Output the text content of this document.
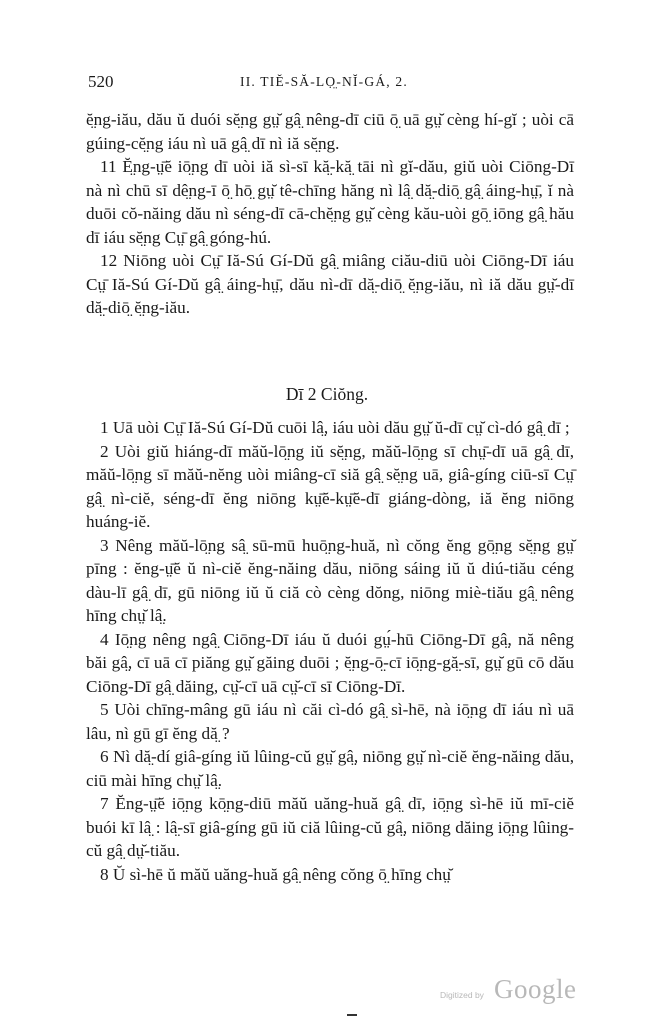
520	II. TIĔ-SĂ-LỌ̤-NĬ-GÁ, 2.

ĕ̤ng-iău, dău ŭ duói sĕ̤ng gṳ̆ gâ̤ nêng-dī ciū ō̤ uā gṳ̆ cèng hí-gĭ ; uòi cā gúing-cĕ̤ng iáu nì uā gâ̤ dī nì iă sĕ̤ng.

11 Ĕ̤ng-ṳ̄ĕ iō̤ng dī uòi iă sì-sī kă̤-kă̤ tāi nì gĭ-dău, giŭ uòi Ciōng-Dī nà nì chū sī dê̤ng-ī ō̤ hō̤ gṳ̆ tê-chīng hăng nì lâ̤ dă̤-diō̤ gâ̤ áing-hṳ̄, ĭ nà duōi cŏ-năing dău nì séng-dī cā-chĕ̤ng gṳ̆ cèng kău-uòi gō̤ iōng gâ̤ hău dī iáu sĕ̤ng Cṳ̄ gâ̤ góng-hú.

12 Niōng uòi Cṳ̄ Iă-Sú Gí-Dŭ gâ̤ miâng ciău-diū uòi Ciōng-Dī iáu Cṳ̄ Iă-Sú Gí-Dŭ gâ̤ áing-hṳ̄, dău nì-dī dă̤-diō̤ ĕ̤ng-iău, nì iă dău gṳ̆-dī dă̤-diō̤ ĕ̤ng-iău.

Dī 2 Ciŏng.

1 Uā uòi Cṳ̄ Iă-Sú Gí-Dŭ cuōi lâ̤, iáu uòi dău gṳ̆ ŭ-dī cṳ̆ cì-dó gâ̤ dī ;

2 Uòi giŭ hiáng-dī măŭ-lō̤ng iŭ sĕ̤ng, măŭ-lō̤ng sī chṳ̄-dī uā gâ̤ dī, măŭ-lō̤ng sī măŭ-nĕng uòi miâng-cī siă gâ̤ sĕ̤ng uā, giâ-gíng ciū-sī Cṳ̄ gâ̤ nì-ciĕ, séng-dī ĕng niōng kṳ̄ĕ-kṳ̄ĕ-dī giáng-dòng, iă ĕng niōng huáng-iĕ.

3 Nêng măŭ-lō̤ng sâ̤ sū-mū huō̤ng-huă, nì cŏng ĕng gō̤ng sĕ̤ng gṳ̆ pīng : ĕng-ṳ̄ĕ ŭ nì-ciĕ ĕng-năing dău, niōng sáing iŭ ŭ diú-tiău céng dàu-lī gâ̤ dī, gū niōng iŭ ŭ ciă cò cèng dŏng, niōng miè-tiău gâ̤ nêng hīng chṳ̆ lâ̤.

4 Iō̤ng nêng ngâ̤ Ciōng-Dī iáu ŭ duói gṳ́-hū Ciōng-Dī gâ̤, nă nêng băi gâ̤, cī uā cī piăng gṳ̆ găing duōi ; ĕ̤ng-ō̤-cī iō̤ng-gă̤-sī, gṳ̆ gū cō dău Ciōng-Dī gâ̤ dăing, cṳ̆-cī uā cṳ̆-cī sī Ciōng-Dī.

5 Uòi chīng-mâng gū iáu nì căi cì-dó gâ̤ sì-hē, nà iō̤ng dī iáu nì uā lâu, nì gū gī ĕng dă̤ ?

6 Nì dă̤-dí giâ-gíng iŭ lûing-cŭ gṳ̆ gâ̤, niōng gṳ̆ nì-ciĕ ĕng-năing dău, ciū mài hīng chṳ̆ lâ̤.

7 Ĕng-ṳ̄ĕ iō̤ng kō̤ng-diū măŭ uăng-huă gâ̤ dī, iō̤ng sì-hē iŭ mī-ciĕ buói kī lâ̤ : lâ̤-sī giâ-gíng gū iŭ ciă lûing-cŭ gâ̤, niōng dăing iō̤ng lûing-cŭ gâ̤ dṳ̆-tiău.

8 Ŭ sì-hē ŭ măŭ uăng-huă gâ̤ nêng cŏng ō̤ hīng chṳ̆

Digitized by Google
